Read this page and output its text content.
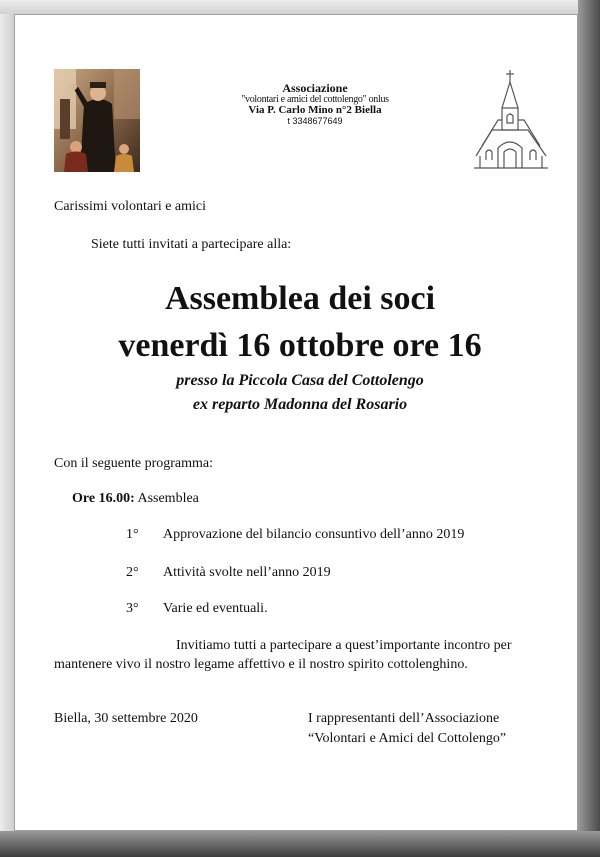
Associazione
"volontari e amici del cottolengo" onlus
Via P. Carlo Mino n°2 Biella
t 3348677649
Carissimi volontari e amici
Siete tutti invitati a partecipare alla:
Assemblea dei soci
venerdì 16 ottobre ore 16
presso la Piccola Casa del Cottolengo
ex reparto Madonna del Rosario
Con il seguente programma:
Ore 16.00: Assemblea
1° Approvazione del bilancio consuntivo dell’anno 2019
2° Attività svolte nell’anno 2019
3° Varie ed eventuali.
Invitiamo tutti a partecipare a quest’importante incontro per
mantenere vivo il nostro legame affettivo e il nostro spirito cottolenghino.
Biella, 30 settembre 2020	I rappresentanti dell’Associazione
“Volontari e Amici del Cottolengo”
